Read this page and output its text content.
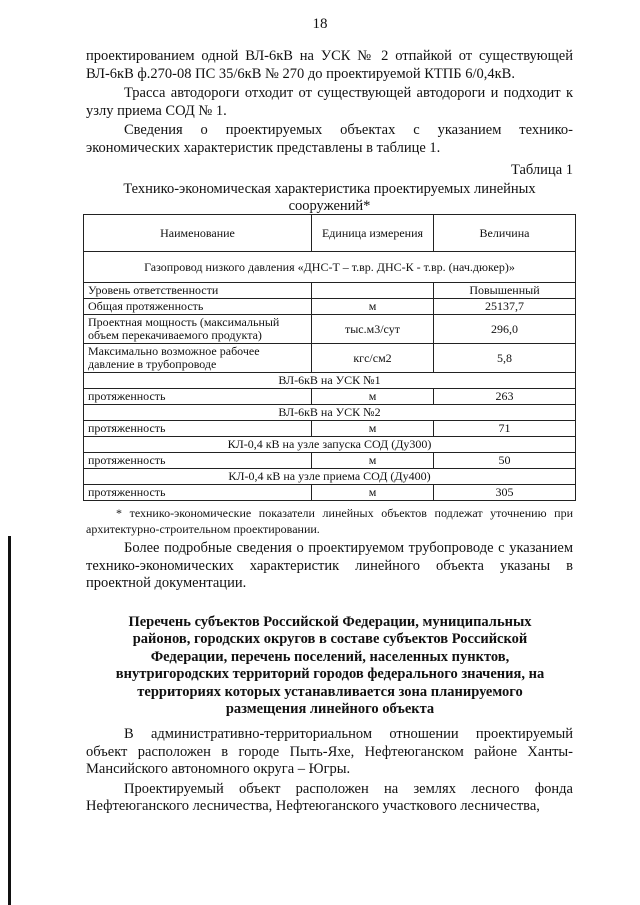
18

проектированием одной ВЛ-6кВ на УСК № 2 отпайкой от существующей ВЛ-6кВ ф.270-08 ПС 35/6кВ № 270 до проектируемой КТПБ 6/0,4кВ.

Трасса автодороги отходит от существующей автодороги и подходит к узлу приема СОД № 1.

Сведения о проектируемых объектах с указанием технико-экономических характеристик представлены в таблице 1.

Таблица 1

Технико-экономическая характеристика проектируемых линейных сооружений*

Наименование	Единица измерения	Величина
Газопровод низкого давления «ДНС-Т – т.вр. ДНС-К - т.вр. (нач.дюкер)»		
Уровень ответственности		Повышенный
Общая протяженность	м	25137,7
Проектная мощность (максимальный объем перекачиваемого продукта)	тыс.м3/сут	296,0
Максимально возможное рабочее давление в трубопроводе	кгс/см2	5,8
ВЛ-6кВ на УСК №1		
протяженность	м	263
ВЛ-6кВ на УСК №2		
протяженность	м	71
КЛ-0,4 кВ на узле запуска СОД (Ду300)		
протяженность	м	50
КЛ-0,4 кВ на узле приема СОД (Ду400)		
протяженность	м	305

* технико-экономические показатели линейных объектов подлежат уточнению при архитектурно-строительном проектировании.

Более подробные сведения о проектируемом трубопроводе с указанием технико-экономических характеристик линейного объекта указаны в проектной документации.

Перечень субъектов Российской Федерации, муниципальных районов, городских округов в составе субъектов Российской Федерации, перечень поселений, населенных пунктов, внутригородских территорий городов федерального значения, на территориях которых устанавливается зона планируемого размещения линейного объекта

В административно-территориальном отношении проектируемый объект расположен в городе Пыть-Яхе, Нефтеюганском районе Ханты-Мансийского автономного округа – Югры.

Проектируемый объект расположен на землях лесного фонда Нефтеюганского лесничества, Нефтеюганского участкового лесничества,
